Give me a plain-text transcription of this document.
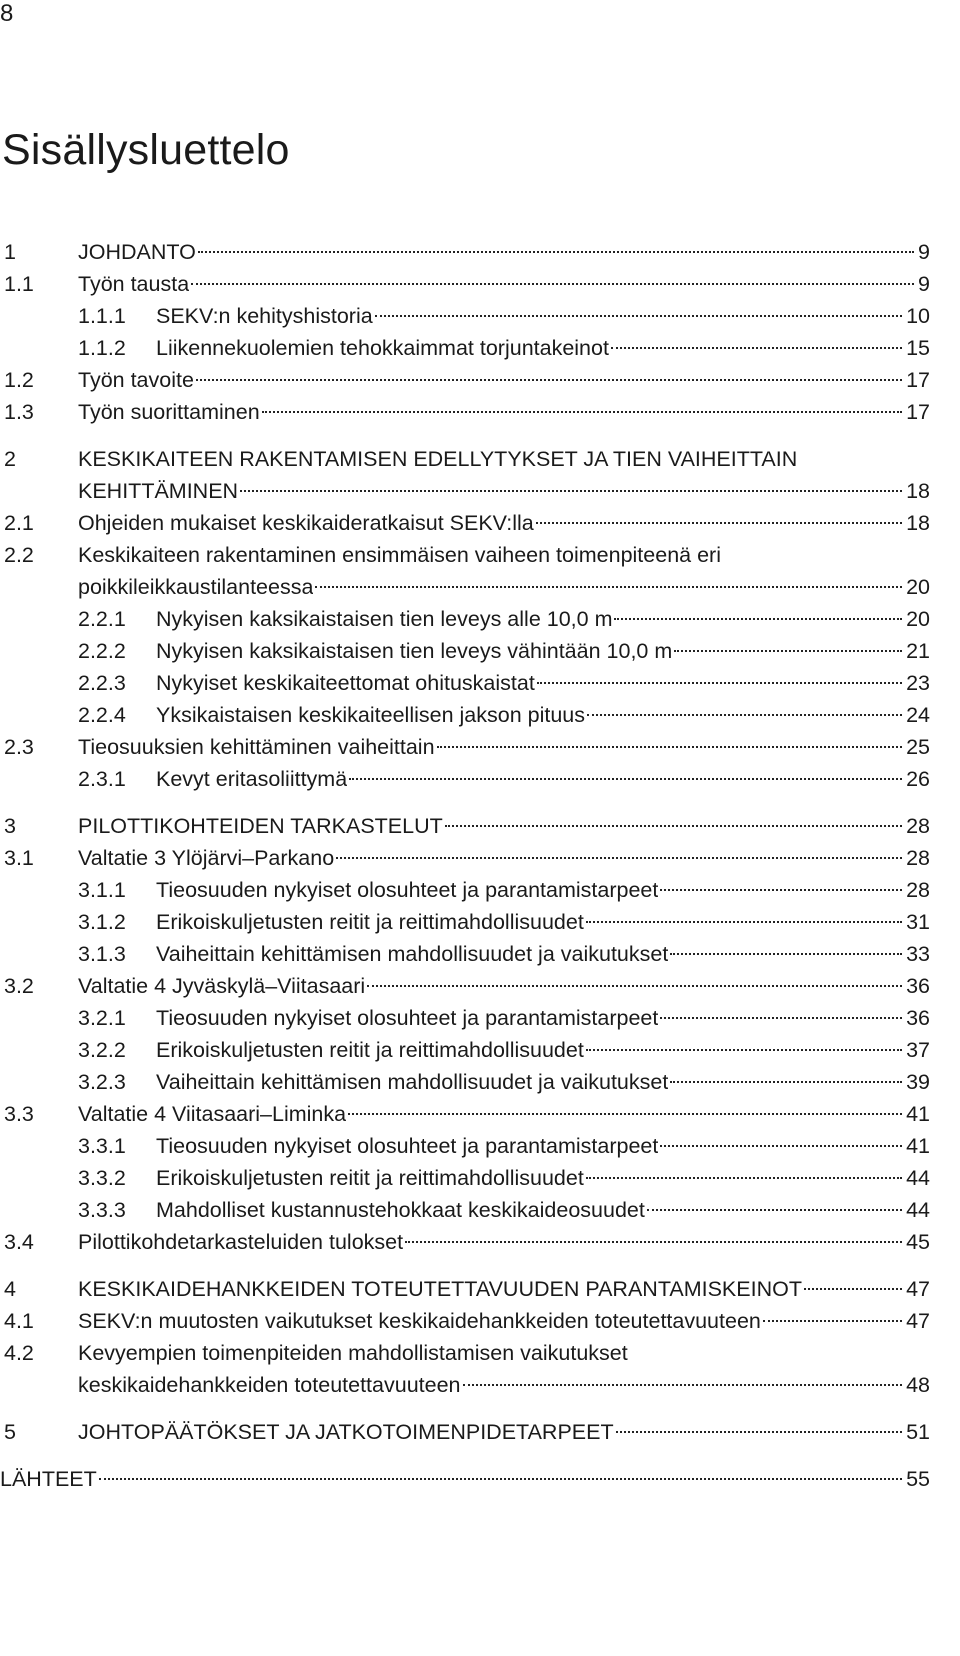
8
Sisällysluettelo
1	JOHDANTO	9
1.1 Työn tausta	9
1.1.1 SEKV:n kehityshistoria	10
1.1.2 Liikennekuolemien tehokkaimmat torjuntakeinot	15
1.2 Työn tavoite	17
1.3 Työn suorittaminen	17
2	KESKIKAITEEN RAKENTAMISEN EDELLYTYKSET JA TIEN VAIHEITTAIN
KEHITTÄMINEN	18
2.1 Ohjeiden mukaiset keskikaideratkaisut SEKV:lla	18
2.2 Keskikaiteen rakentaminen ensimmäisen vaiheen toimenpiteenä eri
poikkileikkaustilanteessa	20
2.2.1 Nykyisen kaksikaistaisen tien leveys alle 10,0 m	20
2.2.2 Nykyisen kaksikaistaisen tien leveys vähintään 10,0 m	21
2.2.3 Nykyiset keskikaiteettomat ohituskaistat	23
2.2.4 Yksikaistaisen keskikaiteellisen jakson pituus	24
2.3 Tieosuuksien kehittäminen vaiheittain	25
2.3.1 Kevyt eritasoliittymä	26
3	PILOTTIKOHTEIDEN TARKASTELUT	28
3.1 Valtatie 3 Ylöjärvi–Parkano	28
3.1.1 Tieosuuden nykyiset olosuhteet ja parantamistarpeet	28
3.1.2 Erikoiskuljetusten reitit ja reittimahdollisuudet	31
3.1.3 Vaiheittain kehittämisen mahdollisuudet ja vaikutukset	33
3.2 Valtatie 4 Jyväskylä–Viitasaari	36
3.2.1 Tieosuuden nykyiset olosuhteet ja parantamistarpeet	36
3.2.2 Erikoiskuljetusten reitit ja reittimahdollisuudet	37
3.2.3 Vaiheittain kehittämisen mahdollisuudet ja vaikutukset	39
3.3 Valtatie 4 Viitasaari–Liminka	41
3.3.1 Tieosuuden nykyiset olosuhteet ja parantamistarpeet	41
3.3.2 Erikoiskuljetusten reitit ja reittimahdollisuudet	44
3.3.3 Mahdolliset kustannustehokkaat keskikaideosuudet	44
3.4 Pilottikohdetarkasteluiden tulokset	45
4	KESKIKAIDEHANKKEIDEN TOTEUTETTAVUUDEN PARANTAMISKEINOT	47
4.1 SEKV:n muutosten vaikutukset keskikaidehankkeiden toteutettavuuteen	47
4.2 Kevyempien toimenpiteiden mahdollistamisen vaikutukset
keskikaidehankkeiden toteutettavuuteen	48
5	JOHTOPÄÄTÖKSET JA JATKOTOIMENPIDETARPEET	51
LÄHTEET	55
